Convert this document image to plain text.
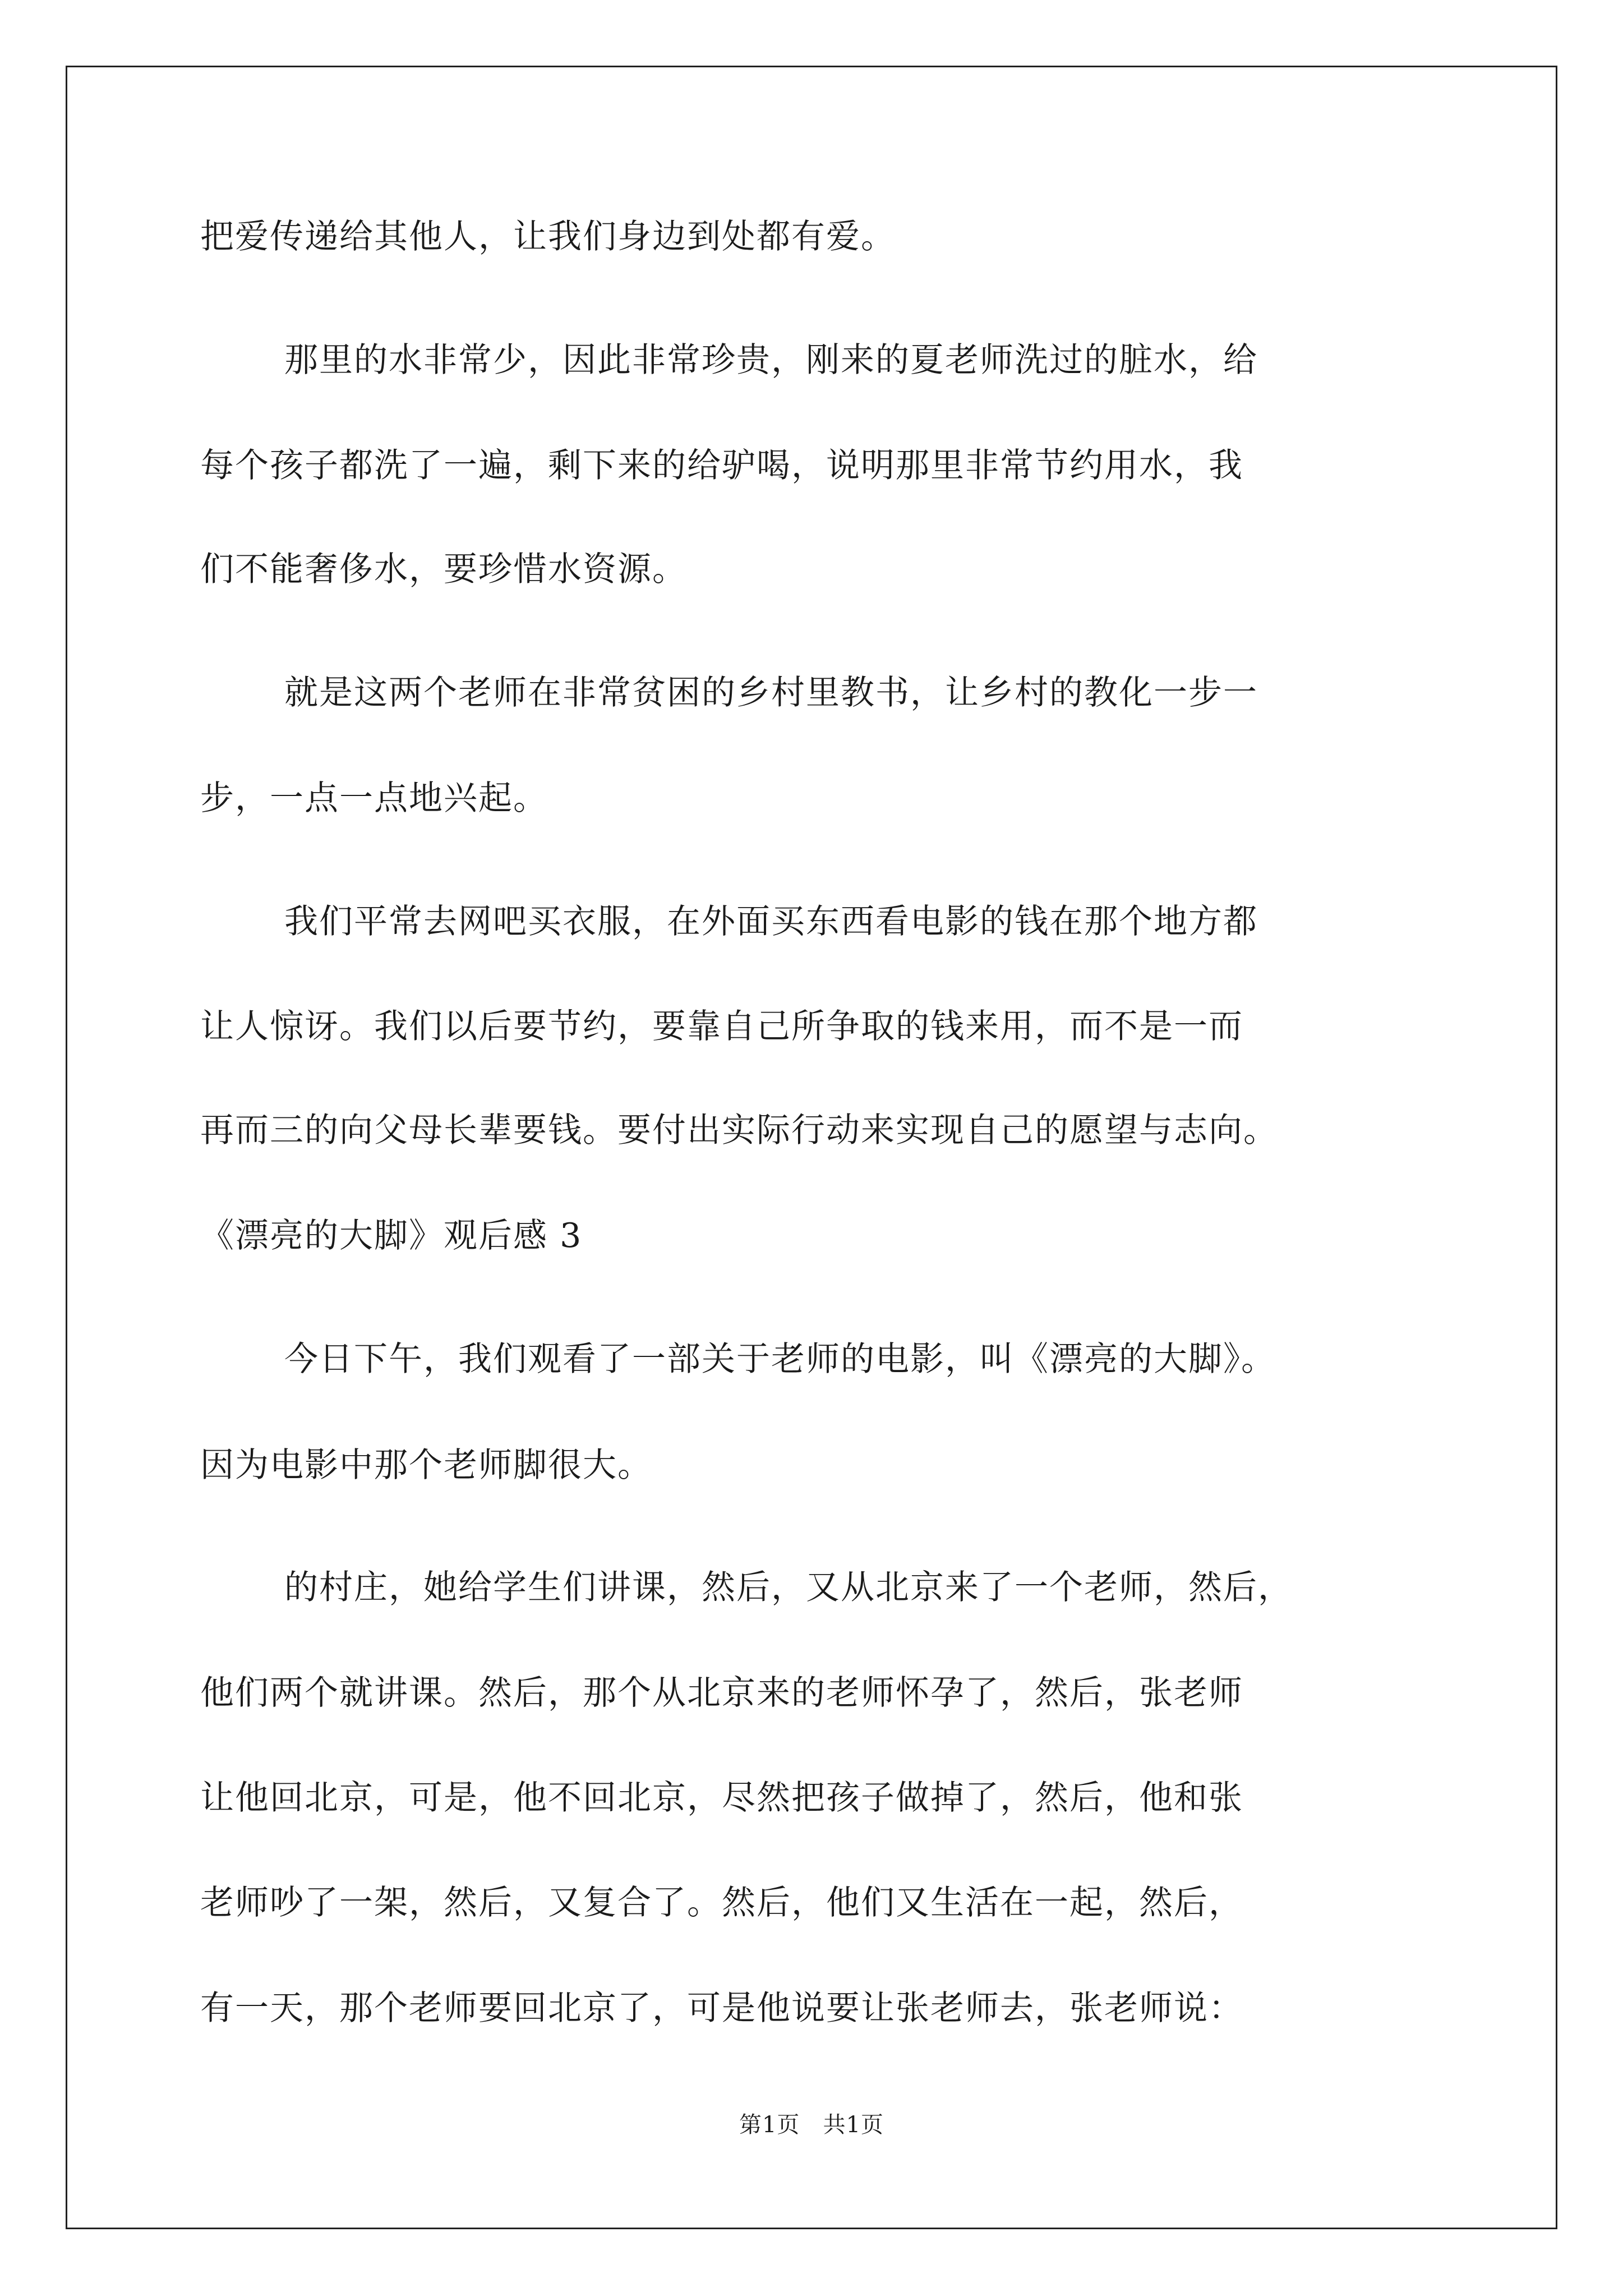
把爱传递给其他人，让我们身边到处都有爱。
那里的水非常少，因此非常珍贵，刚来的夏老师洗过的脏水，给
每个孩子都洗了一遍，剩下来的给驴喝，说明那里非常节约用水，我
们不能奢侈水，要珍惜水资源。
就是这两个老师在非常贫困的乡村里教书，让乡村的教化一步一
步，一点一点地兴起。
我们平常去网吧买衣服，在外面买东西看电影的钱在那个地方都
让人惊讶。我们以后要节约，要靠自己所争取的钱来用，而不是一而
再而三的向父母长辈要钱。要付出实际行动来实现自己的愿望与志向。
《漂亮的大脚》观后感 3
今日下午，我们观看了一部关于老师的电影，叫《漂亮的大脚》。
因为电影中那个老师脚很大。
的村庄，她给学生们讲课，然后，又从北京来了一个老师，然后，
他们两个就讲课。然后，那个从北京来的老师怀孕了，然后，张老师
让他回北京，可是，他不回北京，尽然把孩子做掉了，然后，他和张
老师吵了一架，然后，又复合了。然后，他们又生活在一起，然后，
有一天，那个老师要回北京了，可是他说要让张老师去，张老师说：
第1页 共1页
